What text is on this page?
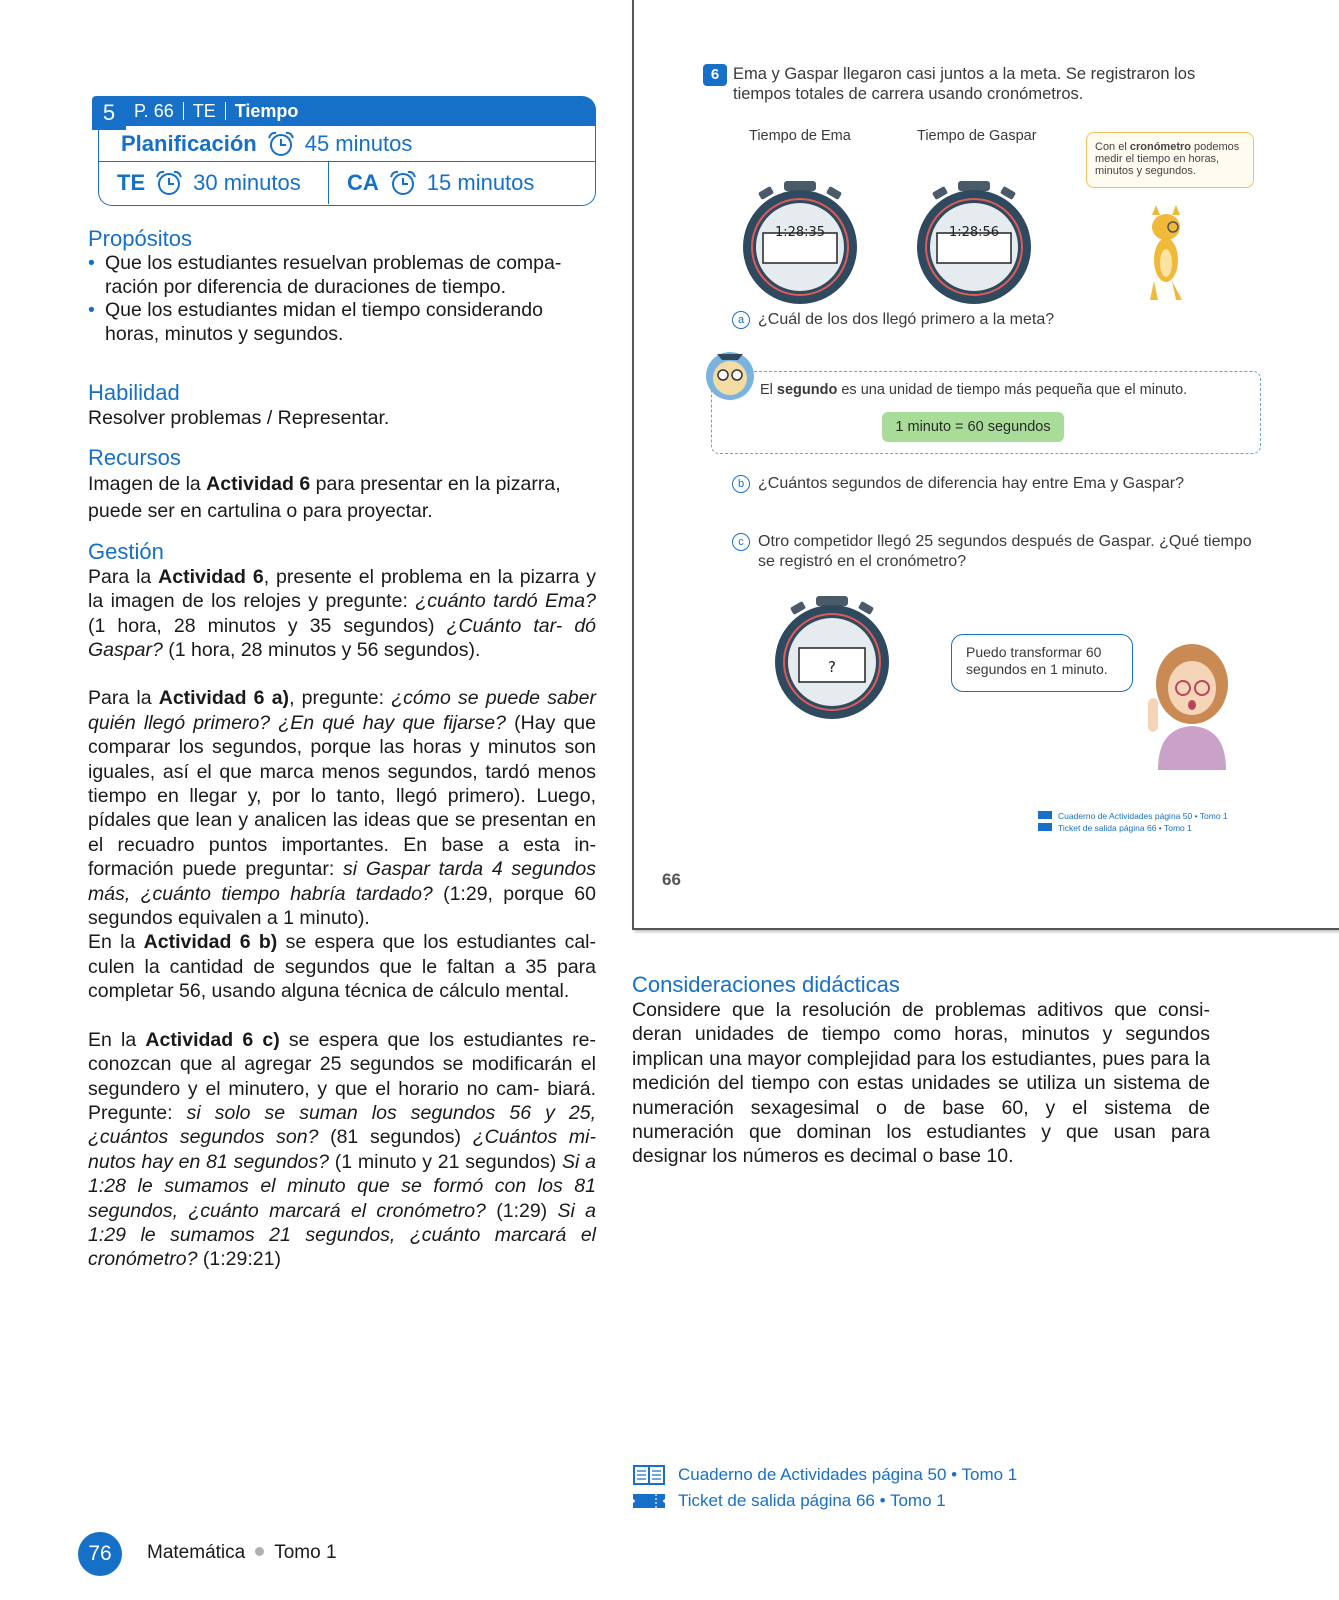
5	P. 66 TE Tiempo
Planificación 45 minutos
TE 30 minutos CA 15 minutos
Propósitos
• Que los estudiantes resuelvan problemas de compa- ración por diferencia de duraciones de tiempo.
• Que los estudiantes midan el tiempo considerando horas, minutos y segundos.
Habilidad
Resolver problemas / Representar.
Recursos
Imagen de la Actividad 6 para presentar en la pizarra, puede ser en cartulina o para proyectar.
Gestión
Para la Actividad 6, presente el problema en la pizarra y la imagen de los relojes y pregunte: ¿cuánto tardó Ema? (1 hora, 28 minutos y 35 segundos) ¿Cuánto tar- dó Gaspar? (1 hora, 28 minutos y 56 segundos).
Para la Actividad 6 a), pregunte: ¿cómo se puede saber quién llegó primero? ¿En qué hay que fijarse? (Hay que comparar los segundos, porque las horas y minutos son iguales, así el que marca menos segundos, tardó menos tiempo en llegar y, por lo tanto, llegó primero). Luego, pídales que lean y analicen las ideas que se presentan en el recuadro puntos importantes. En base a esta in- formación puede preguntar: si Gaspar tarda 4 segundos más, ¿cuánto tiempo habría tardado? (1:29, porque 60 segundos equivalen a 1 minuto).
En la Actividad 6 b) se espera que los estudiantes cal- culen la cantidad de segundos que le faltan a 35 para completar 56, usando alguna técnica de cálculo mental.
En la Actividad 6 c) se espera que los estudiantes re- conozcan que al agregar 25 segundos se modificarán el segundero y el minutero, y que el horario no cam- biará. Pregunte: si solo se suman los segundos 56 y 25, ¿cuántos segundos son? (81 segundos) ¿Cuántos mi- nutos hay en 81 segundos? (1 minuto y 21 segundos) Si a 1:28 le sumamos el minuto que se formó con los 81 segundos, ¿cuánto marcará el cronómetro? (1:29) Si a 1:29 le sumamos 21 segundos, ¿cuánto marcará el cronómetro? (1:29:21)
6 Ema y Gaspar llegaron casi juntos a la meta. Se registraron los tiempos totales de carrera usando cronómetros.
Tiempo de Ema	Tiempo de Gaspar
1:28:35	1:28:56
Con el cronómetro podemos medir el tiempo en horas, minutos y segundos.
a ¿Cuál de los dos llegó primero a la meta?
El segundo es una unidad de tiempo más pequeña que el minuto.
1 minuto = 60 segundos
b ¿Cuántos segundos de diferencia hay entre Ema y Gaspar?
c Otro competidor llegó 25 segundos después de Gaspar. ¿Qué tiempo se registró en el cronómetro?
?
Puedo transformar 60 segundos en 1 minuto.
Cuaderno de Actividades página 50 • Tomo 1
Ticket de salida página 66 • Tomo 1
66
Consideraciones didácticas
Considere que la resolución de problemas aditivos que consi- deran unidades de tiempo como horas, minutos y segundos implican una mayor complejidad para los estudiantes, pues para la medición del tiempo con estas unidades se utiliza un sistema de numeración sexagesimal o de base 60, y el sistema de numeración que dominan los estudiantes y que usan para designar los números es decimal o base 10.
Cuaderno de Actividades página 50 • Tomo 1
Ticket de salida página 66 • Tomo 1
76	Matemática Tomo 1
